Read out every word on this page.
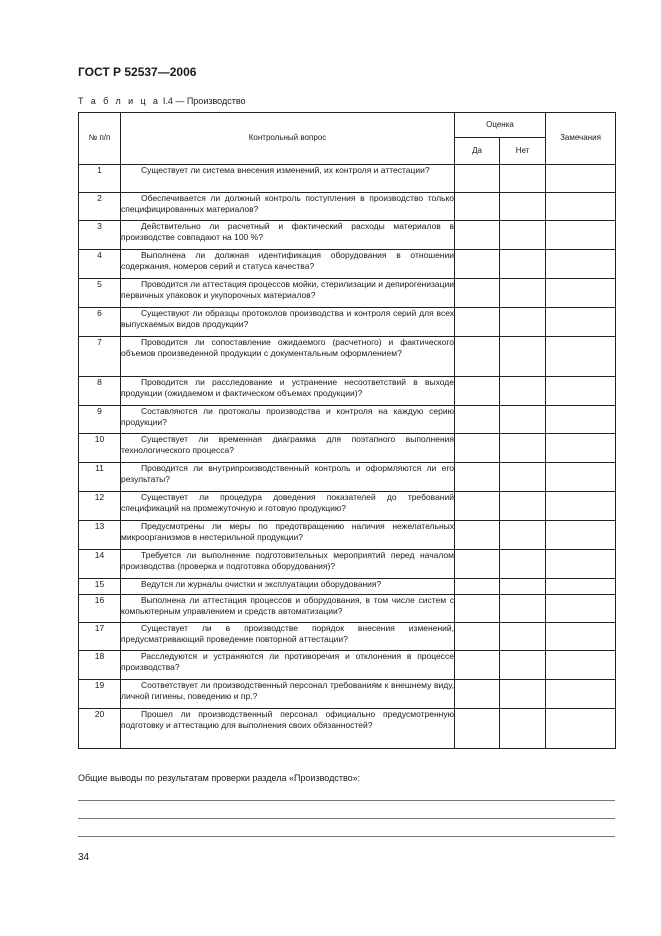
ГОСТ Р 52537—2006
Т а б л и ц а I.4 — Производство
№ п/п	Контрольный вопрос	Оценка		Замечания
		Да	Нет	
1	Существует ли система внесения изменений, их контроля и аттестации?			
2	Обеспечивается ли должный контроль поступления в производство только специфицированных материалов?			
3	Действительно ли расчетный и фактический расходы материалов в производстве совпадают на 100 %?			
4	Выполнена ли должная идентификация оборудования в отношении содержания, номеров серий и статуса качества?			
5	Проводится ли аттестация процессов мойки, стерилизации и депирогенизации первичных упаковок и укупорочных материалов?			
6	Существуют ли образцы протоколов производства и контроля серий для всех выпускаемых видов продукции?			
7	Проводится ли сопоставление ожидаемого (расчетного) и фактического объемов произведенной продукции с документальным оформлением?			
8	Проводится ли расследование и устранение несоответствий в выходе продукции (ожидаемом и фактическом объемах продукции)?			
9	Составляются ли протоколы производства и контроля на каждую серию продукции?			
10	Существует ли временная диаграмма для поэтапного выполнения технологического процесса?			
11	Проводится ли внутрипроизводственный контроль и оформляются ли его результаты?			
12	Существует ли процедура доведения показателей до требований спецификаций на промежуточную и готовую продукцию?			
13	Предусмотрены ли меры по предотвращению наличия нежелательных микроорганизмов в нестерильной продукции?			
14	Требуется ли выполнение подготовительных мероприятий перед началом производства (проверка и подготовка оборудования)?			
15	Ведутся ли журналы очистки и эксплуатации оборудования?			
16	Выполнена ли аттестация процессов и оборудования, в том числе систем с компьютерным управлением и средств автоматизации?			
17	Существует ли в производстве порядок внесения изменений, предусматривающий проведение повторной аттестации?			
18	Расследуются и устраняются ли противоречия и отклонения в процессе производства?			
19	Соответствует ли производственный персонал требованиям к внешнему виду, личной гигиены, поведению и пр.?			
20	Прошел ли производственный персонал официально предусмотренную подготовку и аттестацию для выполнения своих обязанностей?			
Общие выводы по результатам проверки раздела «Производство»:
34
